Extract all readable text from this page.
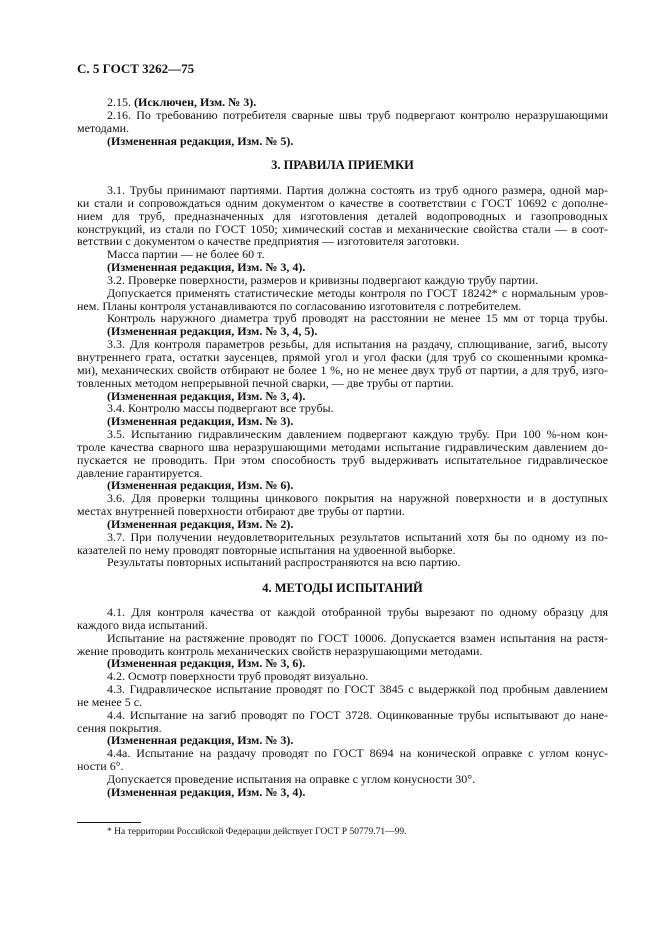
С. 5 ГОСТ 3262—75
2.15. (Исключен, Изм. № 3).
2.16. По требованию потребителя сварные швы труб подвергают контролю неразрушающими
методами.
(Измененная редакция, Изм. № 5).
3. ПРАВИЛА ПРИЕМКИ
3.1. Трубы принимают партиями. Партия должна состоять из труб одного размера, одной мар-
ки стали и сопровождаться одним документом о качестве в соответствии с ГОСТ 10692 с дополне-
нием для труб, предназначенных для изготовления деталей водопроводных и газопроводных
конструкций, из стали по ГОСТ 1050; химический состав и механические свойства стали — в соот-
ветствии с документом о качестве предприятия — изготовителя заготовки.
Масса партии — не более 60 т.
(Измененная редакция, Изм. № 3, 4).
3.2. Проверке поверхности, размеров и кривизны подвергают каждую трубу партии.
Допускается применять статистические методы контроля по ГОСТ 18242* с нормальным уров-
нем. Планы контроля устанавливаются по согласованию изготовителя с потребителем.
Контроль наружного диаметра труб проводят на расстоянии не менее 15 мм от торца трубы.
(Измененная редакция, Изм. № 3, 4, 5).
3.3. Для контроля параметров резьбы, для испытания на раздачу, сплющивание, загиб, высоту
внутреннего грата, остатки заусенцев, прямой угол и угол фаски (для труб со скошенными кромка-
ми), механических свойств отбирают не более 1 %, но не менее двух труб от партии, а для труб, изго-
товленных методом непрерывной печной сварки, — две трубы от партии.
(Измененная редакция, Изм. № 3, 4).
3.4. Контролю массы подвергают все трубы.
(Измененная редакция, Изм. № 3).
3.5. Испытанию гидравлическим давлением подвергают каждую трубу. При 100 %-ном кон-
троле качества сварного шва неразрушающими методами испытание гидравлическим давлением до-
пускается не проводить. При этом способность труб выдерживать испытательное гидравлическое
давление гарантируется.
(Измененная редакция, Изм. № 6).
3.6. Для проверки толщины цинкового покрытия на наружной поверхности и в доступных
местах внутренней поверхности отбирают две трубы от партии.
(Измененная редакция, Изм. № 2).
3.7. При получении неудовлетворительных результатов испытаний хотя бы по одному из по-
казателей по нему проводят повторные испытания на удвоенной выборке.
Результаты повторных испытаний распространяются на всю партию.
4. МЕТОДЫ ИСПЫТАНИЙ
4.1. Для контроля качества от каждой отобранной трубы вырезают по одному образцу для
каждого вида испытаний.
Испытание на растяжение проводят по ГОСТ 10006. Допускается взамен испытания на растя-
жение проводить контроль механических свойств неразрушающими методами.
(Измененная редакция, Изм. № 3, 6).
4.2. Осмотр поверхности труб проводят визуально.
4.3. Гидравлическое испытание проводят по ГОСТ 3845 с выдержкой под пробным давлением
не менее 5 с.
4.4. Испытание на загиб проводят по ГОСТ 3728. Оцинкованные трубы испытывают до нане-
сения покрытия.
(Измененная редакция, Изм. № 3).
4.4а. Испытание на раздачу проводят по ГОСТ 8694 на конической оправке с углом конус-
ности 6°.
Допускается проведение испытания на оправке с углом конусности 30°.
(Измененная редакция, Изм. № 3, 4).
* На территории Российской Федерации действует ГОСТ Р 50779.71—99.
